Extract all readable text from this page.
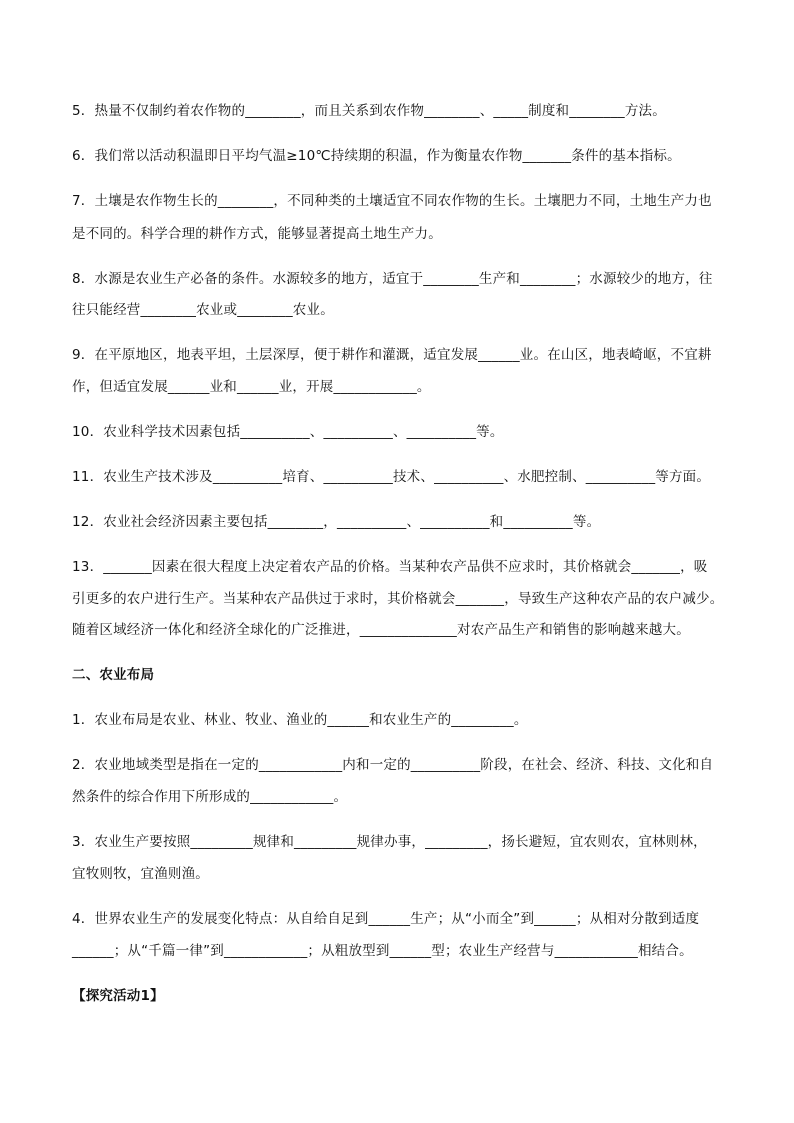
5．热量不仅制约着农作物的________，而且关系到农作物________、_____制度和________方法。
6．我们常以活动积温即日平均气温≥10℃持续期的积温，作为衡量农作物_______条件的基本指标。
7．土壤是农作物生长的________，不同种类的土壤适宜不同农作物的生长。土壤肥力不同，土地生产力也
是不同的。科学合理的耕作方式，能够显著提高土地生产力。
8．水源是农业生产必备的条件。水源较多的地方，适宜于________生产和________；水源较少的地方，往
往只能经营________农业或________农业。
9．在平原地区，地表平坦，土层深厚，便于耕作和灌溉，适宜发展______业。在山区，地表崎岖，不宜耕
作，但适宜发展______业和______业，开展____________。
10．农业科学技术因素包括__________、__________、__________等。
11．农业生产技术涉及__________培育、__________技术、__________、水肥控制、__________等方面。
12．农业社会经济因素主要包括________，__________、__________和__________等。
13．_______因素在很大程度上决定着农产品的价格。当某种农产品供不应求时，其价格就会_______，吸
引更多的农户进行生产。当某种农产品供过于求时，其价格就会_______，导致生产这种农产品的农户减少。
随着区域经济一体化和经济全球化的广泛推进，______________对农产品生产和销售的影响越来越大。
二、农业布局
1．农业布局是农业、林业、牧业、渔业的______和农业生产的_________。
2．农业地域类型是指在一定的____________内和一定的__________阶段，在社会、经济、科技、文化和自
然条件的综合作用下所形成的____________。
3．农业生产要按照_________规律和_________规律办事，_________，扬长避短，宜农则农，宜林则林，
宜牧则牧，宜渔则渔。
4．世界农业生产的发展变化特点：从自给自足到______生产；从“小而全”到______；从相对分散到适度
______；从“千篇一律”到____________；从粗放型到______型；农业生产经营与____________相结合。
【探究活动1】
